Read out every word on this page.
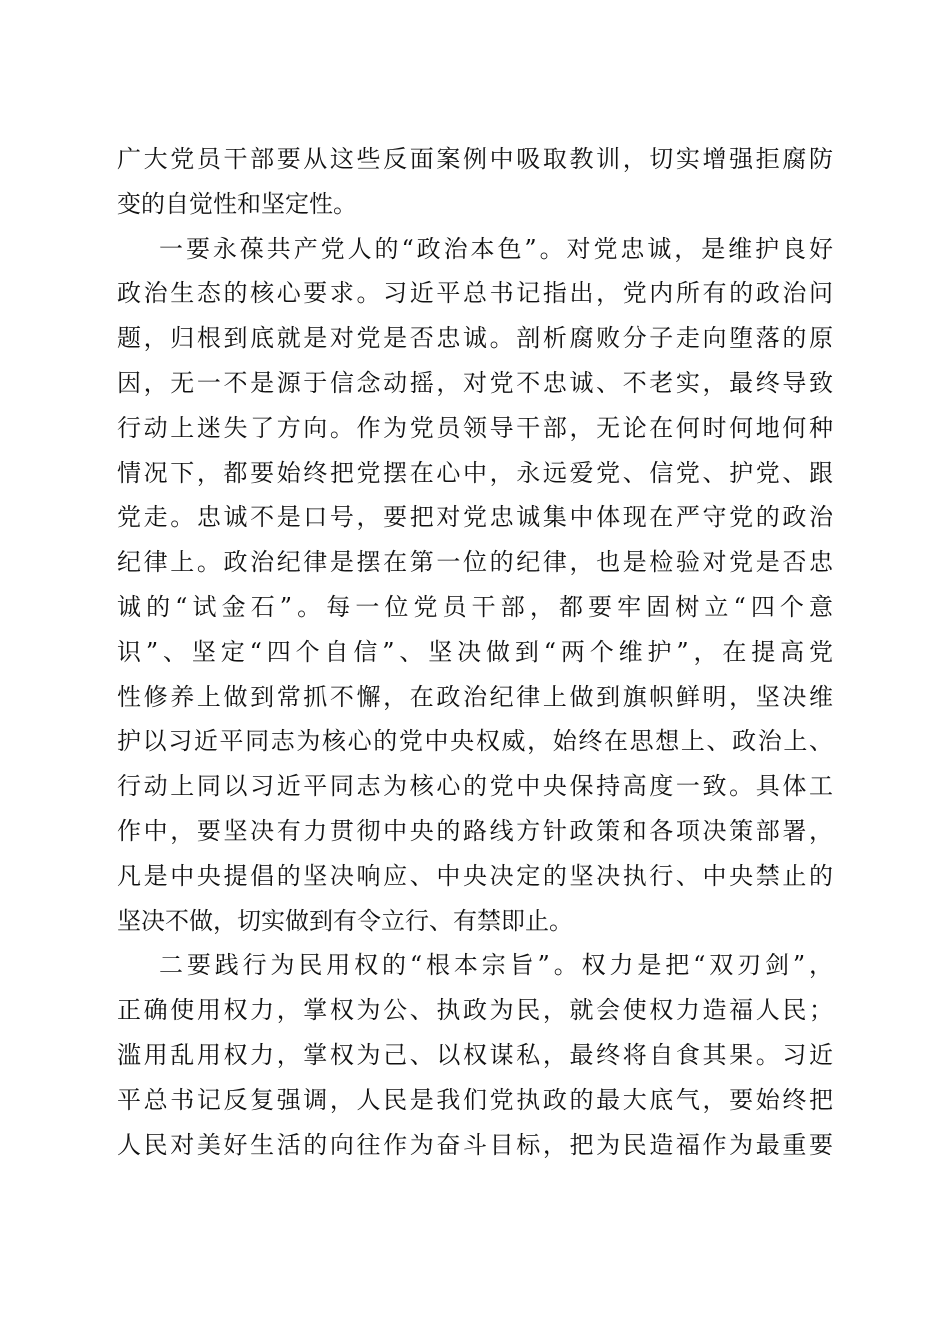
广大党员干部要从这些反面案例中吸取教训，切实增强拒腐防
变的自觉性和坚定性。
一要永葆共产党人的“政治本色”。对党忠诚，是维护良好
政治生态的核心要求。习近平总书记指出，党内所有的政治问
题，归根到底就是对党是否忠诚。剖析腐败分子走向堕落的原
因，无一不是源于信念动摇，对党不忠诚、不老实，最终导致
行动上迷失了方向。作为党员领导干部，无论在何时何地何种
情况下，都要始终把党摆在心中，永远爱党、信党、护党、跟
党走。忠诚不是口号，要把对党忠诚集中体现在严守党的政治
纪律上。政治纪律是摆在第一位的纪律，也是检验对党是否忠
诚的“试金石”。每一位党员干部，都要牢固树立“四个意
识”、坚定“四个自信”、坚决做到“两个维护”，在提高党
性修养上做到常抓不懈，在政治纪律上做到旗帜鲜明，坚决维
护以习近平同志为核心的党中央权威，始终在思想上、政治上、
行动上同以习近平同志为核心的党中央保持高度一致。具体工
作中，要坚决有力贯彻中央的路线方针政策和各项决策部署，
凡是中央提倡的坚决响应、中央决定的坚决执行、中央禁止的
坚决不做，切实做到有令立行、有禁即止。
二要践行为民用权的“根本宗旨”。权力是把“双刃剑”，
正确使用权力，掌权为公、执政为民，就会使权力造福人民；
滥用乱用权力，掌权为己、以权谋私，最终将自食其果。习近
平总书记反复强调，人民是我们党执政的最大底气，要始终把
人民对美好生活的向往作为奋斗目标，把为民造福作为最重要
